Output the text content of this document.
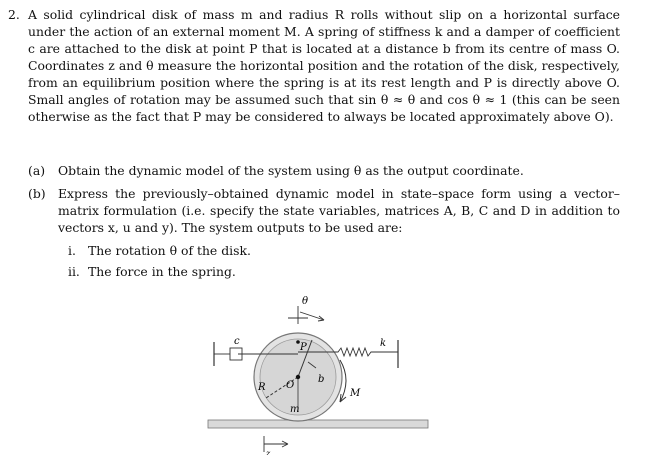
2. A solid cylindrical disk of mass m and radius R rolls without slip on a horizontal surface under the action of an external moment M. A spring of stiffness k and a damper of coefficient c are attached to the disk at point P that is located at a distance b from its centre of mass O. Coordinates z and θ measure the horizontal position and the rotation of the disk, respectively, from an equilibrium position where the spring is at its rest length and P is directly above O. Small angles of rotation may be assumed such that sin θ ≈ θ and cos θ ≈ 1 (this can be seen otherwise as the fact that P may be considered to always be located approximately above O).
(a)	Obtain the dynamic model of the system using θ as the output coordinate.
(b) Express the previously–obtained dynamic model in state–space form using a vector–matrix formulation (i.e. specify the state variables, matrices A, B, C and D in addition to vectors x, u and y). The system outputs to be used are:
i. The rotation θ of the disk.
ii. The force in the spring.
θ
c	k
P
R O
b
m
M
z
